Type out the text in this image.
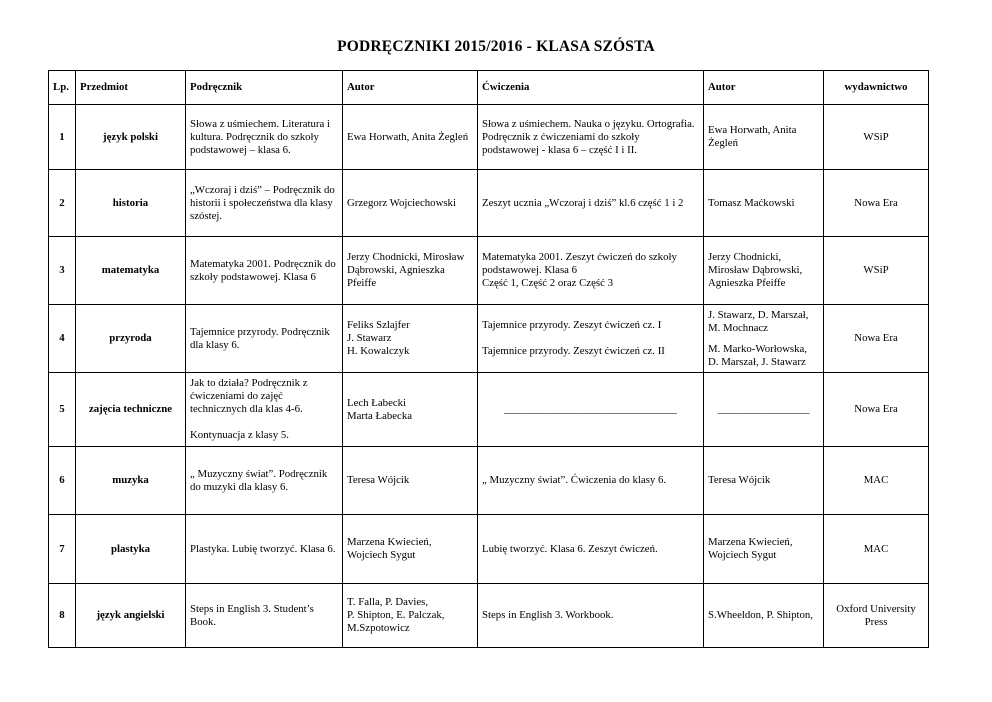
PODRĘCZNIKI 2015/2016 - KLASA SZÓSTA
Lp.	Przedmiot	Podręcznik	Autor	Ćwiczenia	Autor	wydawnictwo
1	język polski	Słowa z uśmiechem. Literatura i kultura. Podręcznik do szkoły podstawowej – klasa 6.	Ewa Horwath, Anita Żegleń	Słowa z uśmiechem. Nauka o języku. Ortografia. Podręcznik z ćwiczeniami do szkoły podstawowej - klasa 6 – część I i II.	Ewa Horwath, Anita Żegleń	WSiP
2	historia	„Wczoraj i dziś” – Podręcznik do historii i społeczeństwa dla klasy szóstej.	Grzegorz Wojciechowski	Zeszyt ucznia „Wczoraj i dziś” kl.6 część 1 i 2	Tomasz Maćkowski	Nowa Era
3	matematyka	Matematyka 2001. Podręcznik do szkoły podstawowej. Klasa 6	Jerzy Chodnicki, Mirosław Dąbrowski, Agnieszka Pfeiffe	Matematyka 2001. Zeszyt ćwiczeń do szkoły podstawowej. Klasa 6
Część 1, Część 2 oraz Część 3	Jerzy Chodnicki, Mirosław Dąbrowski, Agnieszka Pfeiffe	WSiP
4	przyroda	Tajemnice przyrody. Podręcznik dla klasy 6.	Feliks Szlajfer
J. Stawarz
H. Kowalczyk	Tajemnice przyrody. Zeszyt ćwiczeń cz. I
Tajemnice przyrody. Zeszyt ćwiczeń cz. II	J. Stawarz, D. Marszał, M. Mochnacz
M. Marko-Worłowska, D. Marszał, J. Stawarz	Nowa Era
5	zajęcia techniczne	Jak to działa? Podręcznik z ćwiczeniami do zajęć technicznych dla klas 4-6.
Kontynuacja z klasy 5.	Lech Łabecki
Marta Łabecka	________________________________	_________________	Nowa Era
6	muzyka	„ Muzyczny świat”. Podręcznik do muzyki dla klasy 6.	Teresa Wójcik	„ Muzyczny świat”. Ćwiczenia do klasy 6.	Teresa Wójcik	MAC
7	plastyka	Plastyka. Lubię tworzyć. Klasa 6.	Marzena Kwiecień, Wojciech Sygut	Lubię tworzyć. Klasa 6. Zeszyt ćwiczeń.	Marzena Kwiecień, Wojciech Sygut	MAC
8	język angielski	Steps in English 3. Student’s Book.	T. Falla, P. Davies,
P. Shipton, E. Palczak,
M.Szpotowicz	Steps in English 3. Workbook.	S.Wheeldon, P. Shipton,	Oxford University Press
